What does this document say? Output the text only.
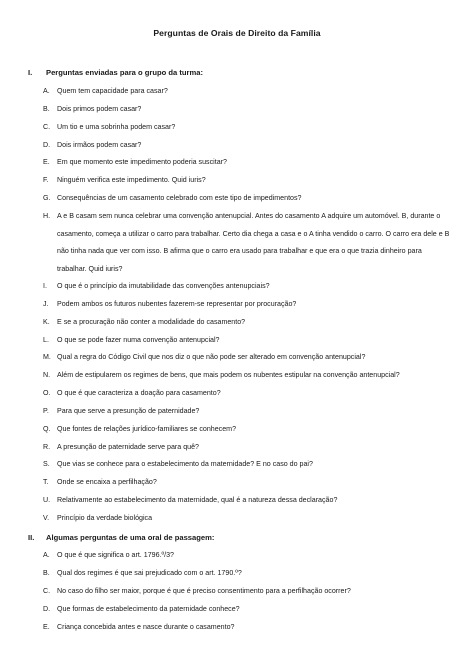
Perguntas de Orais de Direito da Família
I. Perguntas enviadas para o grupo da turma:
A.	Quem tem capacidade para casar?
B.	Dois primos podem casar?
C. Um tio e uma sobrinha podem casar?
D. Dois irmãos podem casar?
E.	Em que momento este impedimento poderia suscitar?
F.	Ninguém verifica este impedimento. Quid iuris?
G. Consequências de um casamento celebrado com este tipo de impedimentos?
H. A e B casam sem nunca celebrar uma convenção antenupcial. Antes do casamento A adquire um automóvel. B, durante o casamento, começa a utilizar o carro para trabalhar. Certo dia chega a casa e o A tinha vendido o carro. O carro era dele e B não tinha nada que ver com isso. B afirma que o carro era usado para trabalhar e que era o que trazia dinheiro para trabalhar. Quid iuris?
I.	O que é o princípio da imutabilidade das convenções antenupciais?
J.	Podem ambos os futuros nubentes fazerem-se representar por procuração?
K.	E se a procuração não conter a modalidade do casamento?
L.	O que se pode fazer numa convenção antenupcial?
M. Qual a regra do Código Civil que nos diz o que não pode ser alterado em convenção antenupcial?
N. Além de estipularem os regimes de bens, que mais podem os nubentes estipular na convenção antenupcial?
O. O que é que caracteriza a doação para casamento?
P.	Para que serve a presunção de paternidade?
Q. Que fontes de relações jurídico-familiares se conhecem?
R. A presunção de paternidade serve para quê?
S.	Que vias se conhece para o estabelecimento da maternidade? E no caso do pai?
T.	Onde se encaixa a perfilhação?
U. Relativamente ao estabelecimento da maternidade, qual é a natureza dessa declaração?
V.	Princípio da verdade biológica
II. Algumas perguntas de uma oral de passagem:
A.	O que é que significa o art. 1796.º/3?
B.	Qual dos regimes é que sai prejudicado com o art. 1790.º?
C. No caso do filho ser maior, porque é que é preciso consentimento para a perfilhação ocorrer?
D. Que formas de estabelecimento da paternidade conhece?
E.	Criança concebida antes e nasce durante o casamento?
